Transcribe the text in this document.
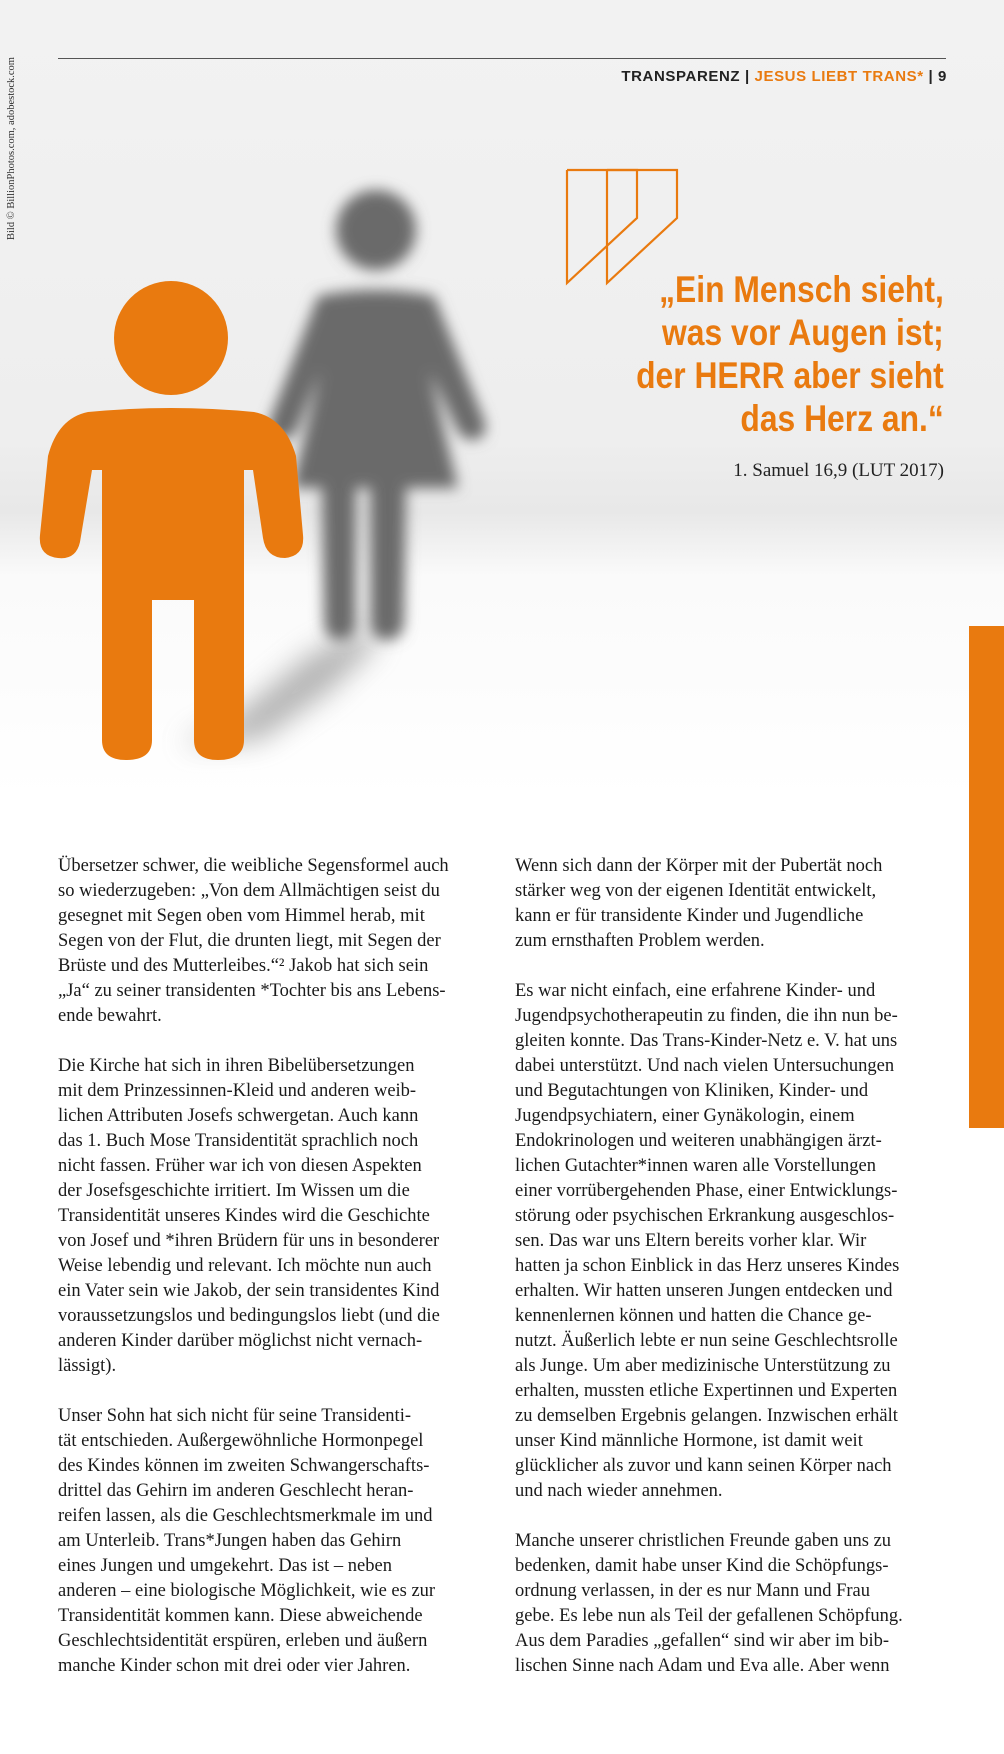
Bild © BillionPhotos.com, adobestock.com	TRANSPARENZ | JESUS LIEBT TRANS* | 9
„Ein Mensch sieht,
was vor Augen ist;
der HERR aber sieht
das Herz an.“
1. Samuel 16,9 (LUT 2017)

Übersetzer schwer, die weibliche Segensformel auch
so wiederzugeben: „Von dem Allmächtigen seist du
gesegnet mit Segen oben vom Himmel herab, mit
Segen von der Flut, die drunten liegt, mit Segen der
Brüste und des Mutterleibes.“² Jakob hat sich sein
„Ja“ zu seiner transidenten *Tochter bis ans Lebens-
ende bewahrt.

Die Kirche hat sich in ihren Bibelübersetzungen
mit dem Prinzessinnen-Kleid und anderen weib-
lichen Attributen Josefs schwergetan. Auch kann
das 1. Buch Mose Transidentität sprachlich noch
nicht fassen. Früher war ich von diesen Aspekten
der Josefsgeschichte irritiert. Im Wissen um die
Transidentität unseres Kindes wird die Geschichte
von Josef und *ihren Brüdern für uns in besonderer
Weise lebendig und relevant. Ich möchte nun auch
ein Vater sein wie Jakob, der sein transidentes Kind
voraussetzungslos und bedingungslos liebt (und die
anderen Kinder darüber möglichst nicht vernach-
lässigt).

Unser Sohn hat sich nicht für seine Transidenti-
tät entschieden. Außergewöhnliche Hormonpegel
des Kindes können im zweiten Schwangerschafts-
drittel das Gehirn im anderen Geschlecht heran-
reifen lassen, als die Geschlechtsmerkmale im und
am Unterleib. Trans*Jungen haben das Gehirn
eines Jungen und umgekehrt. Das ist – neben
anderen – eine biologische Möglichkeit, wie es zur
Transidentität kommen kann. Diese abweichende
Geschlechtsidentität erspüren, erleben und äußern
manche Kinder schon mit drei oder vier Jahren.

Wenn sich dann der Körper mit der Pubertät noch
stärker weg von der eigenen Identität entwickelt,
kann er für transidente Kinder und Jugendliche
zum ernsthaften Problem werden.

Es war nicht einfach, eine erfahrene Kinder- und
Jugendpsychotherapeutin zu finden, die ihn nun be-
gleiten konnte. Das Trans-Kinder-Netz e. V. hat uns
dabei unterstützt. Und nach vielen Untersuchungen
und Begutachtungen von Kliniken, Kinder- und
Jugendpsychiatern, einer Gynäkologin, einem
Endokrinologen und weiteren unabhängigen ärzt-
lichen Gutachter*innen waren alle Vorstellungen
einer vorrübergehenden Phase, einer Entwicklungs-
störung oder psychischen Erkrankung ausgeschlos-
sen. Das war uns Eltern bereits vorher klar. Wir
hatten ja schon Einblick in das Herz unseres Kindes
erhalten. Wir hatten unseren Jungen entdecken und
kennenlernen können und hatten die Chance ge-
nutzt. Äußerlich lebte er nun seine Geschlechtsrolle
als Junge. Um aber medizinische Unterstützung zu
erhalten, mussten etliche Expertinnen und Experten
zu demselben Ergebnis gelangen. Inzwischen erhält
unser Kind männliche Hormone, ist damit weit
glücklicher als zuvor und kann seinen Körper nach
und nach wieder annehmen.

Manche unserer christlichen Freunde gaben uns zu
bedenken, damit habe unser Kind die Schöpfungs-
ordnung verlassen, in der es nur Mann und Frau
gebe. Es lebe nun als Teil der gefallenen Schöpfung.
Aus dem Paradies „gefallen“ sind wir aber im bib-
lischen Sinne nach Adam und Eva alle. Aber wenn
